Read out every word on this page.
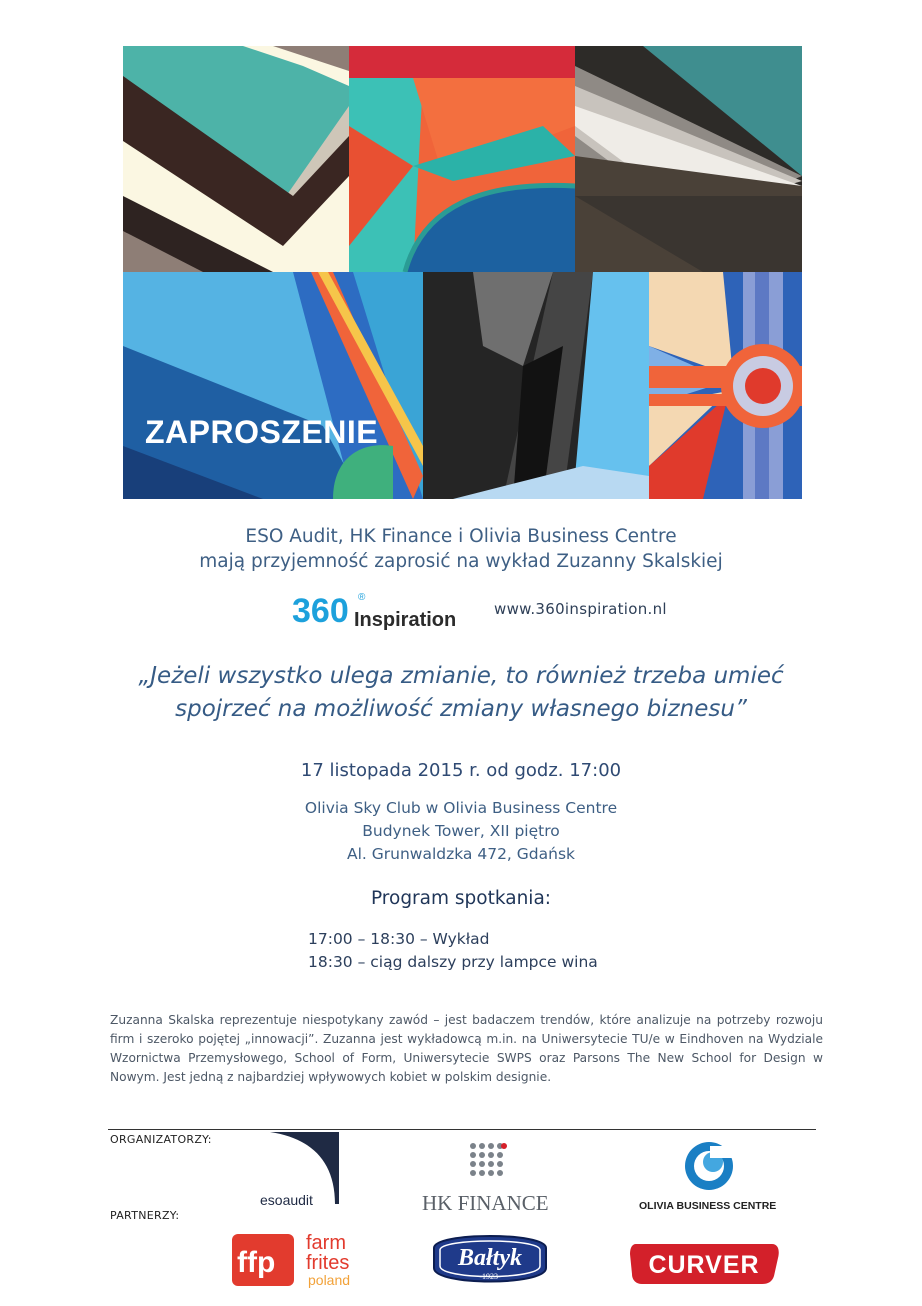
ZAPROSZENIE
ESO Audit, HK Finance i Olivia Business Centre
mają przyjemność zaprosić na wykład Zuzanny Skalskiej
360 Inspiration
®
www.360inspiration.nl
„Jeżeli wszystko ulega zmianie, to również trzeba umieć
spojrzeć na możliwość zmiany własnego biznesu”
17 listopada 2015 r. od godz. 17:00
Olivia Sky Club w Olivia Business Centre
Budynek Tower, XII piętro
Al. Grunwaldzka 472, Gdańsk
Program spotkania:
17:00 – 18:30 – Wykład
18:30 – ciąg dalszy przy lampce wina
Zuzanna Skalska reprezentuje niespotykany zawód – jest badaczem trendów, które analizuje na potrzeby rozwoju firm i szeroko pojętej „innowacji”. Zuzanna jest wykładowcą m.in. na Uniwersytecie TU/e w Eindhoven na Wydziale Wzornictwa Przemysłowego, School of Form, Uniwersytecie SWPS oraz Parsons The New School for Design w Nowym. Jest jedną z najbardziej wpływowych kobiet w polskim designie.
ORGANIZATORZY:
PARTNERZY:
esoaudit	HK FINANCE	OLIVIA BUSINESS CENTRE
ffp
farm
frites
poland
Bałtyk
-1923-	CURVER
